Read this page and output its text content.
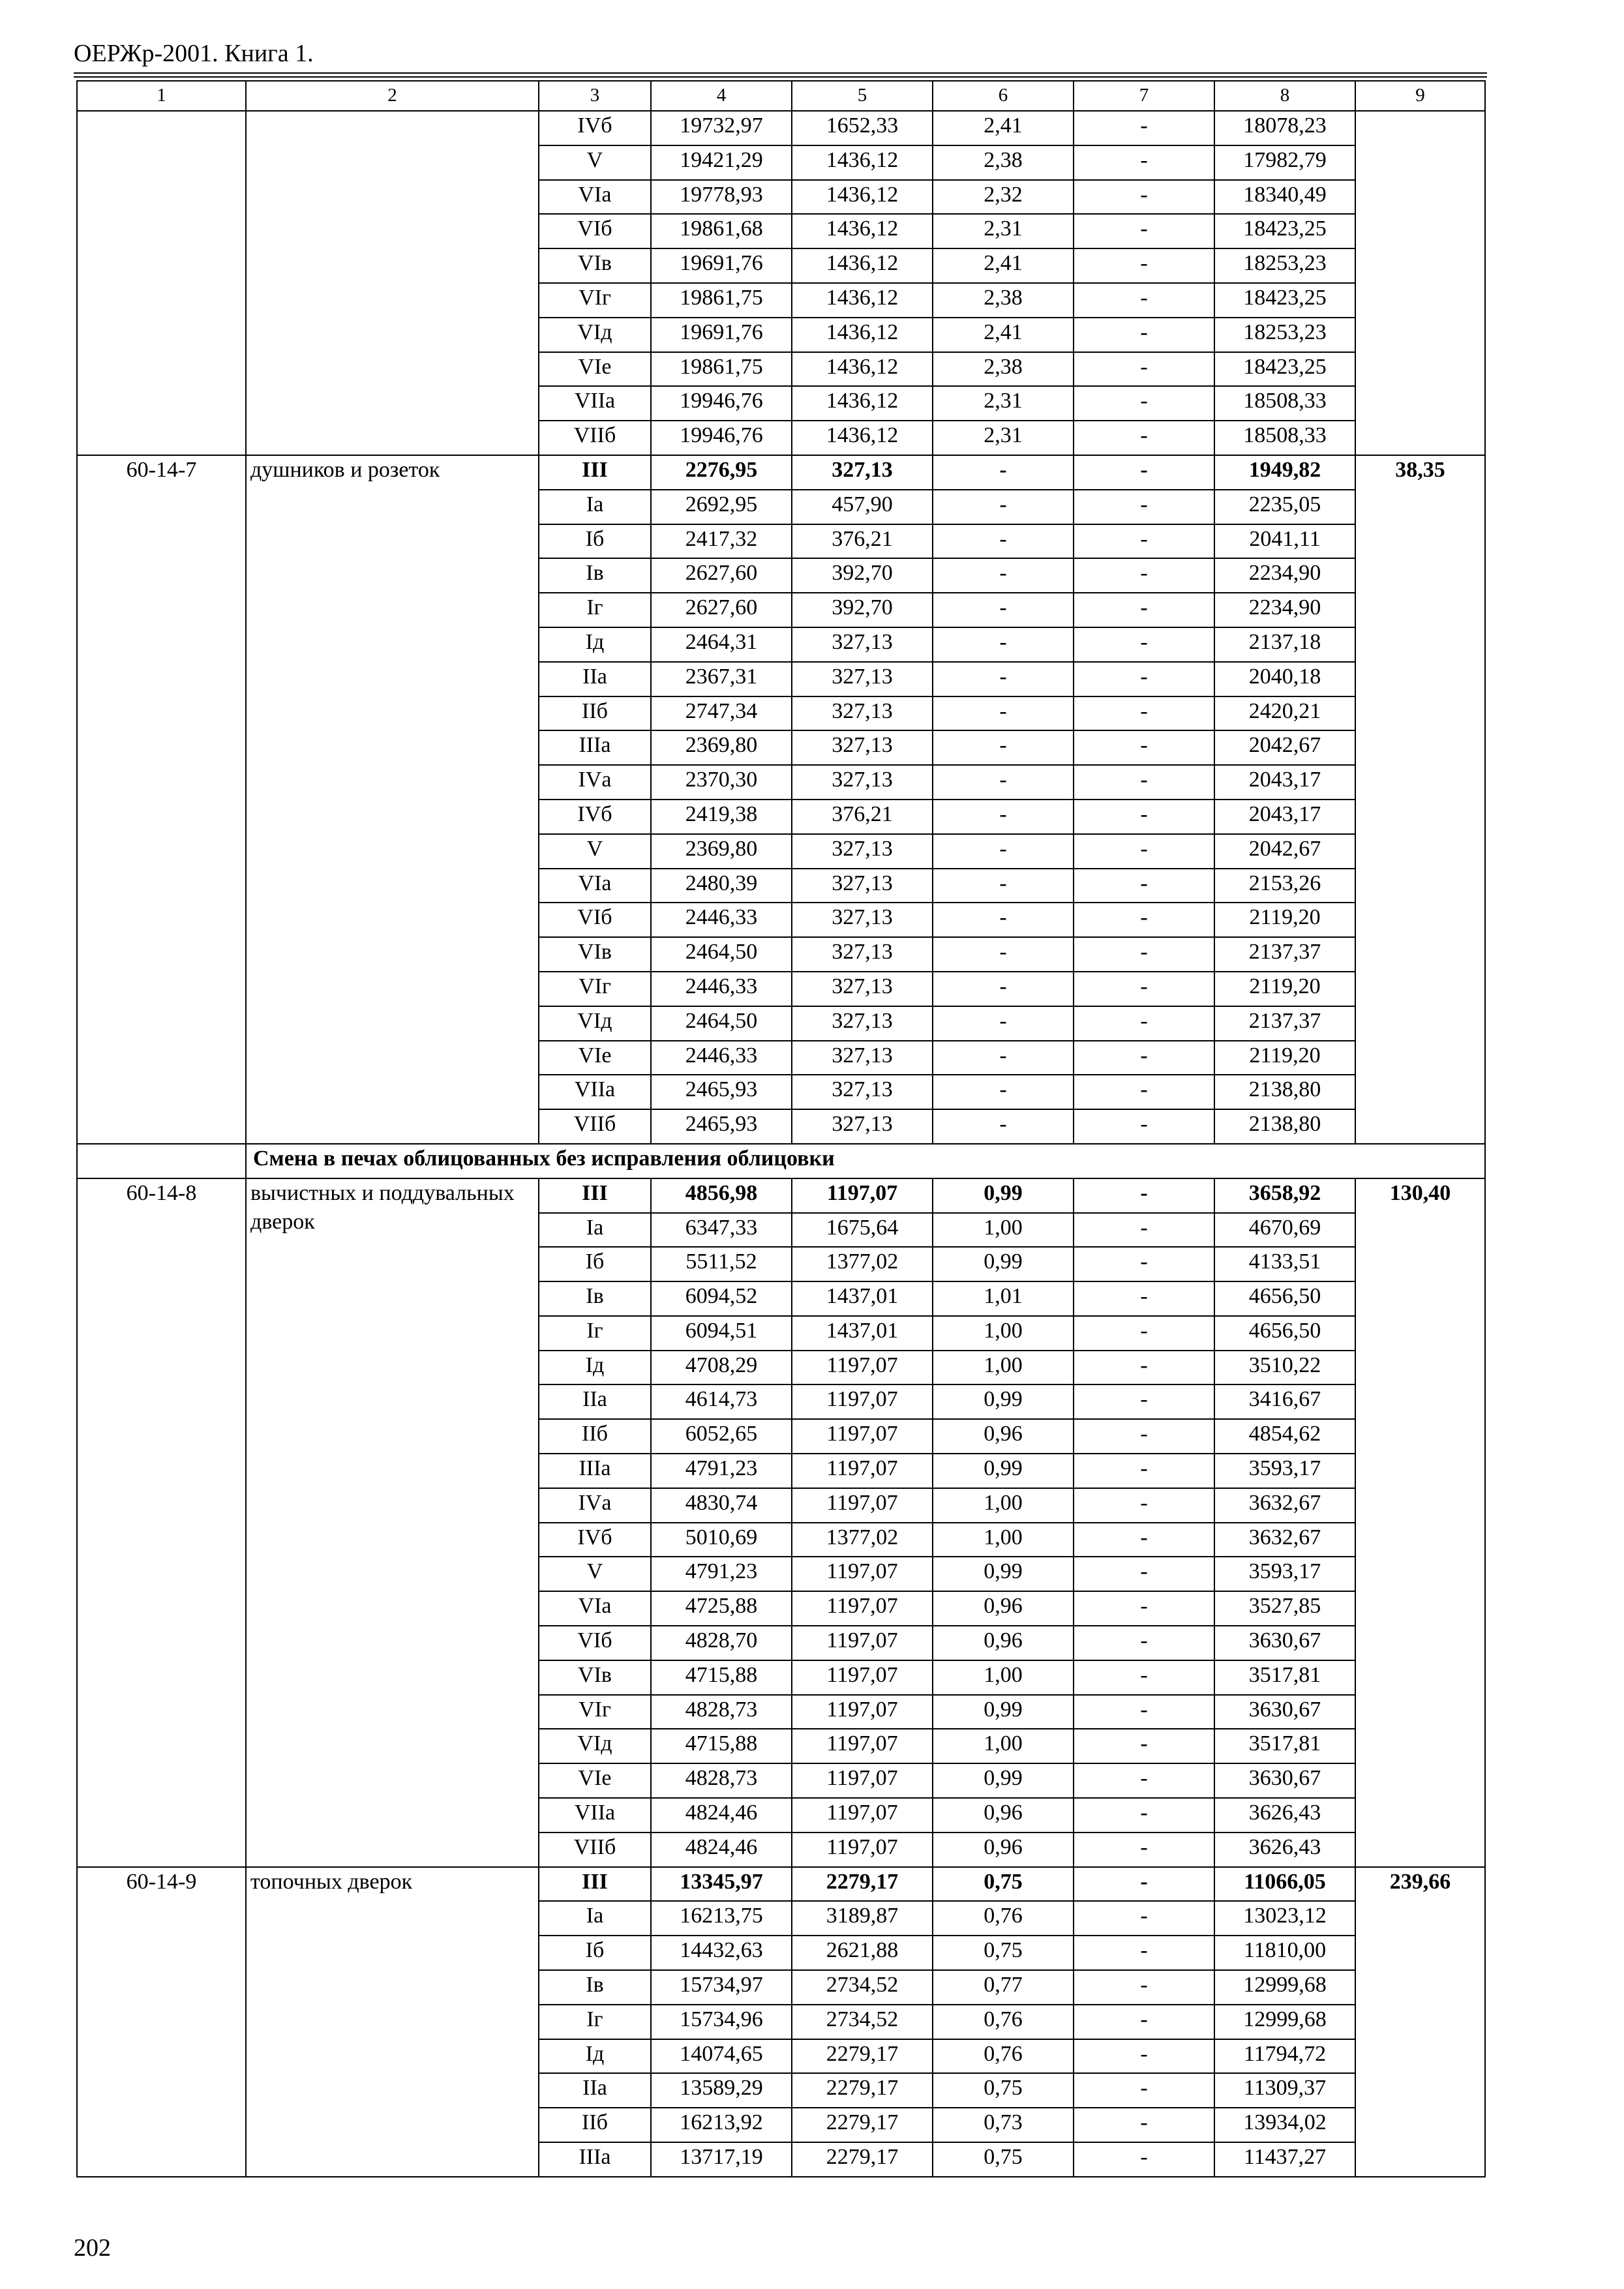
ОЕРЖр-2001. Книга 1.
1	2	3	4	5	6	7	8	9
		IVб	19732,97	1652,33	2,41	-	18078,23	
		V	19421,29	1436,12	2,38	-	17982,79	
		VIа	19778,93	1436,12	2,32	-	18340,49	
		VIб	19861,68	1436,12	2,31	-	18423,25	
		VIв	19691,76	1436,12	2,41	-	18253,23	
		VIг	19861,75	1436,12	2,38	-	18423,25	
		VIд	19691,76	1436,12	2,41	-	18253,23	
		VIе	19861,75	1436,12	2,38	-	18423,25	
		VIIа	19946,76	1436,12	2,31	-	18508,33	
		VIIб	19946,76	1436,12	2,31	-	18508,33	
60-14-7	душников и розеток	III	2276,95	327,13	-	-	1949,82	38,35
		Iа	2692,95	457,90	-	-	2235,05	
		Iб	2417,32	376,21	-	-	2041,11	
		Iв	2627,60	392,70	-	-	2234,90	
		Iг	2627,60	392,70	-	-	2234,90	
		Iд	2464,31	327,13	-	-	2137,18	
		IIа	2367,31	327,13	-	-	2040,18	
		IIб	2747,34	327,13	-	-	2420,21	
		IIIа	2369,80	327,13	-	-	2042,67	
		IVа	2370,30	327,13	-	-	2043,17	
		IVб	2419,38	376,21	-	-	2043,17	
		V	2369,80	327,13	-	-	2042,67	
		VIа	2480,39	327,13	-	-	2153,26	
		VIб	2446,33	327,13	-	-	2119,20	
		VIв	2464,50	327,13	-	-	2137,37	
		VIг	2446,33	327,13	-	-	2119,20	
		VIд	2464,50	327,13	-	-	2137,37	
		VIе	2446,33	327,13	-	-	2119,20	
		VIIа	2465,93	327,13	-	-	2138,80	
		VIIб	2465,93	327,13	-	-	2138,80	
	Смена в печах облицованных без исправления облицовки							
60-14-8	вычистных и поддувальных дверок	III	4856,98	1197,07	0,99	-	3658,92	130,40
		Iа	6347,33	1675,64	1,00	-	4670,69	
		Iб	5511,52	1377,02	0,99	-	4133,51	
		Iв	6094,52	1437,01	1,01	-	4656,50	
		Iг	6094,51	1437,01	1,00	-	4656,50	
		Iд	4708,29	1197,07	1,00	-	3510,22	
		IIа	4614,73	1197,07	0,99	-	3416,67	
		IIб	6052,65	1197,07	0,96	-	4854,62	
		IIIа	4791,23	1197,07	0,99	-	3593,17	
		IVа	4830,74	1197,07	1,00	-	3632,67	
		IVб	5010,69	1377,02	1,00	-	3632,67	
		V	4791,23	1197,07	0,99	-	3593,17	
		VIа	4725,88	1197,07	0,96	-	3527,85	
		VIб	4828,70	1197,07	0,96	-	3630,67	
		VIв	4715,88	1197,07	1,00	-	3517,81	
		VIг	4828,73	1197,07	0,99	-	3630,67	
		VIд	4715,88	1197,07	1,00	-	3517,81	
		VIе	4828,73	1197,07	0,99	-	3630,67	
		VIIа	4824,46	1197,07	0,96	-	3626,43	
		VIIб	4824,46	1197,07	0,96	-	3626,43	
60-14-9	топочных дверок	III	13345,97	2279,17	0,75	-	11066,05	239,66
		Iа	16213,75	3189,87	0,76	-	13023,12	
		Iб	14432,63	2621,88	0,75	-	11810,00	
		Iв	15734,97	2734,52	0,77	-	12999,68	
		Iг	15734,96	2734,52	0,76	-	12999,68	
		Iд	14074,65	2279,17	0,76	-	11794,72	
		IIа	13589,29	2279,17	0,75	-	11309,37	
		IIб	16213,92	2279,17	0,73	-	13934,02	
		IIIа	13717,19	2279,17	0,75	-	11437,27	
202
